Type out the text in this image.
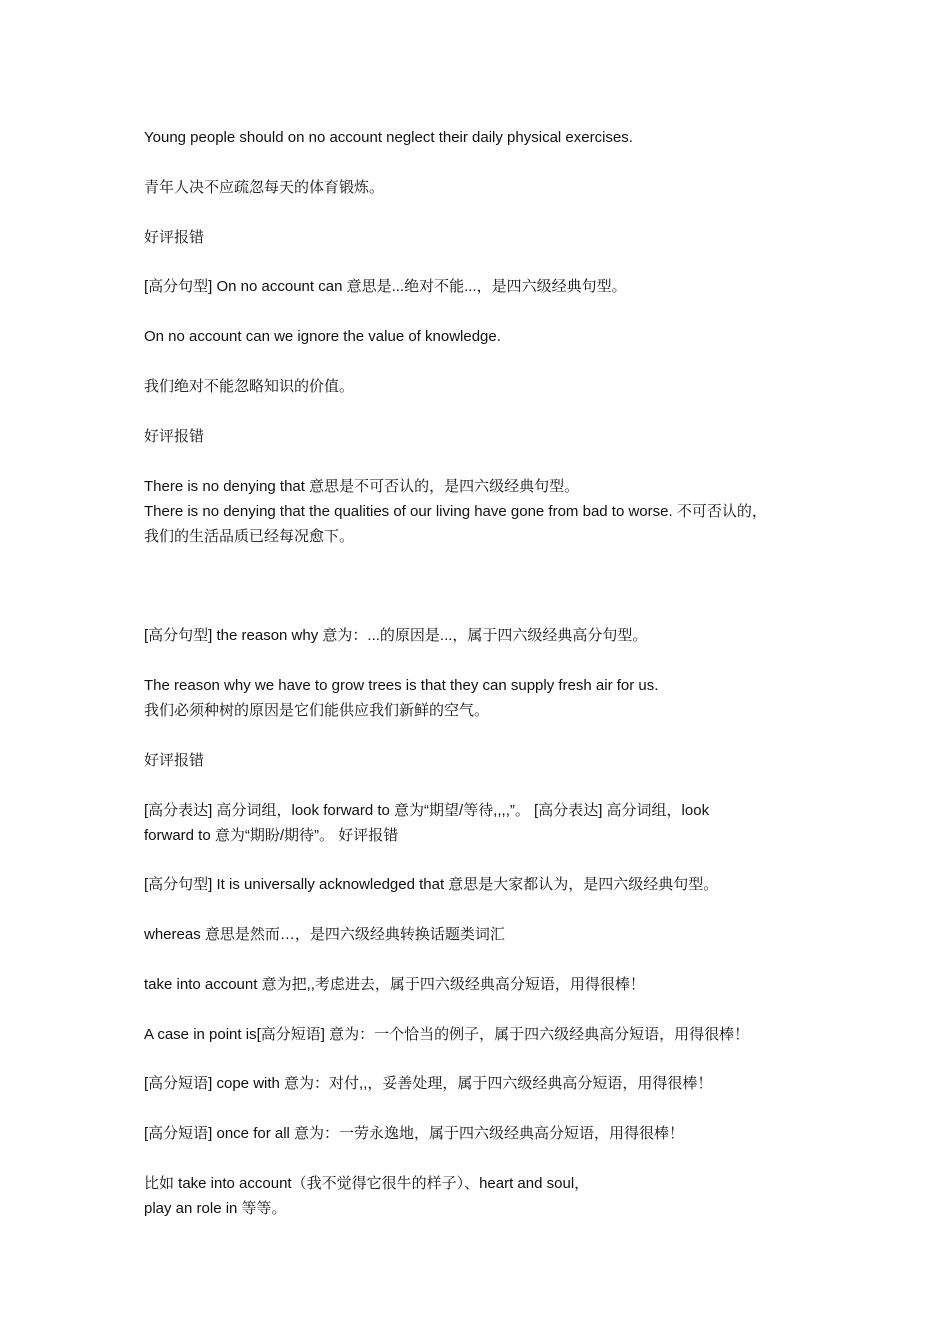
Young people should on no account neglect their daily physical exercises.
青年人决不应疏忽每天的体育锻炼。
好评报错
[高分句型] On no account can 意思是...绝对不能...，是四六级经典句型。
On no account can we ignore the value of knowledge.
我们绝对不能忽略知识的价值。
好评报错
There is no denying that 意思是不可否认的，是四六级经典句型。
There is no denying that the qualities of our living have gone from bad to worse. 不可否认的，
我们的生活品质已经每况愈下。
[高分句型] the reason why 意为：...的原因是...，属于四六级经典高分句型。
The reason why we have to grow trees is that they can supply fresh air for us.
我们必须种树的原因是它们能供应我们新鲜的空气。
好评报错
[高分表达] 高分词组，look forward to 意为“期望/等待,,,,”。 [高分表达] 高分词组，look
forward to 意为“期盼/期待”。 好评报错
[高分句型] It is universally acknowledged that 意思是大家都认为，是四六级经典句型。
whereas 意思是然而…，是四六级经典转换话题类词汇
take into account 意为把,,考虑进去，属于四六级经典高分短语，用得很棒！
A case in point is[高分短语] 意为：一个恰当的例子，属于四六级经典高分短语，用得很棒！
[高分短语] cope with 意为：对付,,，妥善处理，属于四六级经典高分短语，用得很棒！
[高分短语] once for all 意为：一劳永逸地，属于四六级经典高分短语，用得很棒！
比如 take into account（我不觉得它很牛的样子）、heart and soul，
play an role in 等等。
